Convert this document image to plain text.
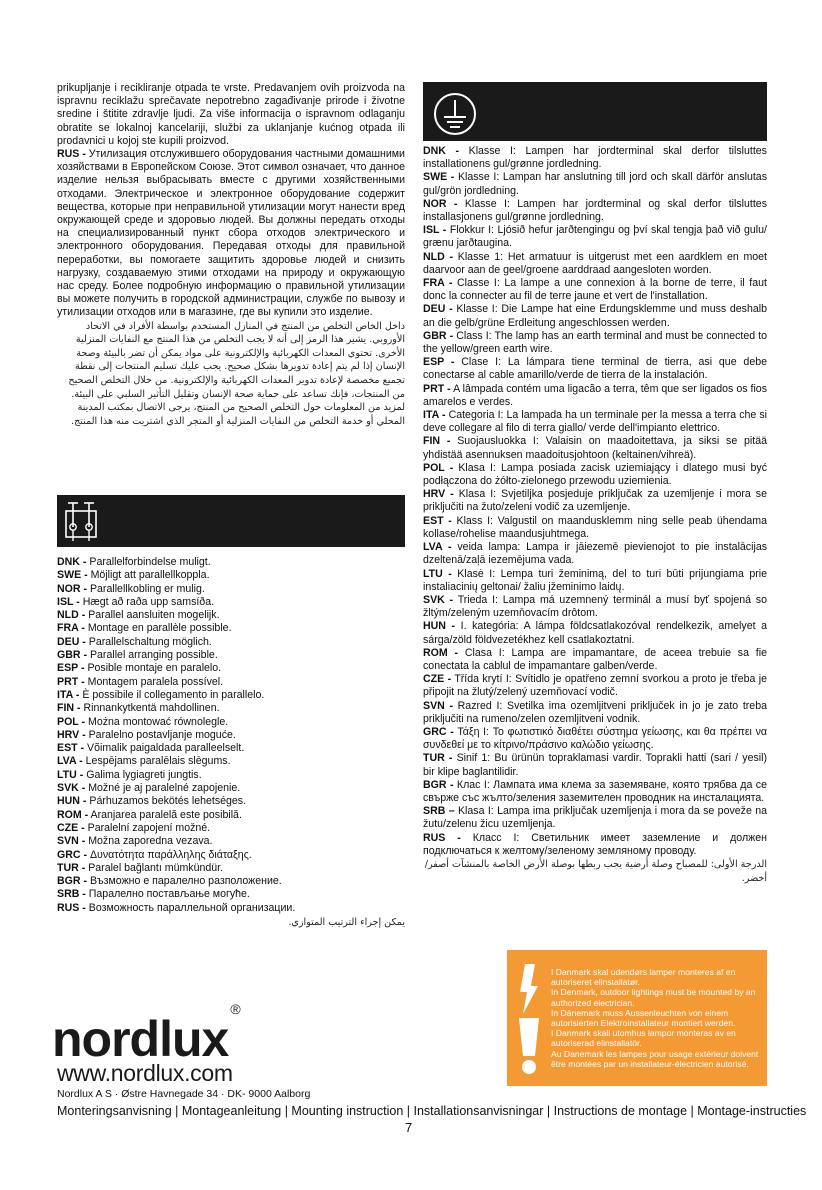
prikupljanje i recikliranje otpada te vrste. Predavanjem ovih proizvoda na ispravnu reciklažu sprečavate nepotrebno zagađivanje prirode i životne sredine i štitite zdravlje ljudi. Za više informacija o ispravnom odlaganju obratite se lokalnoj kancelariji, službi za uklanjanje kućnog otpada ili prodavnici u kojoj ste kupili proizvod.

RUS - Утилизация отслужившего оборудования частными домашними хозяйствами в Европейском Союзе. Этот символ означает, что данное изделие нельзя выбрасывать вместе с другими хозяйственными отходами. Электрическое и электронное оборудование содержит вещества, которые при неправильной утилизации могут нанести вред окружающей среде и здоровью людей. Вы должны передать отходы на специализированный пункт сбора отходов электрического и электронного оборудования. Передавая отходы для правильной переработки, вы помогаете защитить здоровье людей и снизить нагрузку, создаваемую этими отходами на природу и окружающую нас среду. Более подробную информацию о правильной утилизации вы можете получить в городской администрации, службе по вывозу и утилизации отходов или в магазине, где вы купили это изделие.

داخل الخاص التخلص من المنتج في المنازل المستخدم بواسطة الأفراد في الاتحاد الأوروبي. يشير هذا الرمز إلى أنه لا يجب التخلص من هذا المنتج مع النفايات المنزلية الأخرى. تحتوي المعدات الكهربائية والإلكترونية على مواد يمكن أن تضر بالبيئة وصحة الإنسان إذا لم يتم إعادة تدويرها بشكل صحيح. يجب عليك تسليم المنتجات إلى نقطة تجميع مخصصة لإعادة تدوير المعدات الكهربائية والإلكترونية. من خلال التخلص الصحيح من المنتجات، فإنك تساعد على حماية صحة الإنسان وتقليل التأثير السلبي على البيئة. لمزيد من المعلومات حول التخلص الصحيح من المنتج، يرجى الاتصال بمكتب المدينة المحلي أو خدمة التخلص من النفايات المنزلية أو المتجر الذي اشتريت منه هذا المنتج.

DNK - Parallelforbindelse muligt.

SWE - Möjligt att parallellkoppla.

NOR - Parallellkobling er mulig.

ISL - Hægt að raða upp samsíða.

NLD - Parallel aansluiten mogelijk.

FRA - Montage en parallèle possible.

DEU - Parallelschaltung möglich.

GBR - Parallel arranging possible.

ESP - Posible montaje en paralelo.

PRT - Montagem paralela possível.

ITA - È possibile il collegamento in parallelo.

FIN - Rinnankytkentä mahdollinen.

POL - Można montować równolegle.

HRV - Paralelno postavljanje moguće.

EST - Võimalik paigaldada paralleelselt.

LVA - Lespējams paralēlais slēgums.

LTU - Galima lygiagreti jungtis.

SVK - Možné je aj paralelné zapojenie.

HUN - Párhuzamos bekötés lehetséges.

ROM - Aranjarea paralelă este posibilă.

CZE - Paralelní zapojení možné.

SVN - Možna zaporedna vezava.

GRC - Δυνατότητα παράλληλης διάταξης.

TUR - Paralel bağlantı mümkündür.

BGR - Възможно е паралелно разположение.

SRB - Паралелно постављање могуће.

RUS - Возможность параллельной организации.

يمكن إجراء الترتيب المتوازي.

DNK - Klasse I: Lampen har jordterminal skal derfor tilsluttes installationens gul/grønne jordledning.

SWE - Klasse I: Lampan har anslutning till jord och skall därför anslutas gul/grön jordledning.

NOR - Klasse I: Lampen har jordterminal og skal derfor tilsluttes installasjonens gul/grønne jordledning.

ISL - Flokkur I: Ljósið hefur jarðtengingu og því skal tengja það við gulu/ grænu jarðtaugina.

NLD - Klasse 1: Het armatuur is uitgerust met een aardklem en moet daarvoor aan de geel/groene aarddraad aangesloten worden.

FRA - Classe I: La lampe a une connexion à la borne de terre, il faut donc la connecter au fil de terre jaune et vert de l'installation.

DEU - Klasse I: Die Lampe hat eine Erdungsklemme und muss deshalb an die gelb/grüne Erdleitung angeschlossen werden.

GBR - Class I: The lamp has an earth terminal and must be connected to the yellow/green earth wire.

ESP - Clase I: La lámpara tiene terminal de tierra, asi que debe conectarse al cable amarillo/verde de tierra de la instalación.

PRT - A lâmpada contém uma ligacão a terra, têm que ser ligados os fios amarelos e verdes.

ITA - Categoria I: La lampada ha un terminale per la messa a terra che si deve collegare al filo di terra giallo/ verde dell'impianto elettrico.

FIN - Suojausluokka I: Valaisin on maadoitettava, ja siksi se pitää yhdistää asennuksen maadoitusjohtoon (keltainen/vihreä).

POL - Klasa I: Lampa posiada zacisk uziemiający i dlatego musi być podłączona do żółto-zielonego przewodu uziemienia.

HRV - Klasa I: Svjetiljka posjeduje priključak za uzemljenje i mora se priključiti na žuto/zeleni vodič za uzemljenje.

EST - Klass I: Valgustil on maandusklemm ning selle peab ühendama kollase/rohelise maandusjuhtmega.

LVA - veida lampa: Lampa ir jāiezemē pievienojot to pie instalācijas dzeltenā/zaļā iezemējuma vada.

LTU - Klasė I: Lempa turi žeminimą, del to turi būti prijungiama prie instaliacinių geltonai/ žaliu įžeminimo laidų.

SVK - Trieda I: Lampa má uzemnený terminál a musí byť spojená so žltým/zeleným uzemňovacím drôtom.

HUN - I. kategória: A lámpa földcsatlakozóval rendelkezik, amelyet a sárga/zöld földvezetékhez kell csatlakoztatni.

ROM - Clasa I: Lampa are impamantare, de aceea trebuie sa fie conectata la cablul de impamantare galben/verde.

CZE - Třída krytí I: Svítidlo je opatřeno zemní svorkou a proto je třeba je připojit na žlutý/zelený uzemňovací vodič.

SVN - Razred I: Svetilka ima ozemljitveni priključek in jo je zato treba priključiti na rumeno/zelen ozemljitveni vodnik.

GRC - Τάξη I: Το φωτιστικό διαθέτει σύστημα γείωσης, και θα πρέπει να συνδεθεί με το κίτρινο/πράσινο καλώδιο γείωσης.

TUR - Sinif 1: Bu ürünün topraklamasi vardir. Toprakli hatti (sari / yesil) bir klipe baglantilidir.

BGR - Клас I: Лампата има клема за заземяване, която трябва да се свърже със жълто/зеления заземителен проводник на инсталацията.

SRB – Klasa I: Lampa ima priključak uzemljenja i mora da se poveže na žutu/zelenu žicu uzemljenja.

RUS - Класс I: Светильник имеет заземление и должен подключаться к желтому/зеленому земляному проводу.

الدرجة الأولى: للمصباح وصلة أرضية يجب ربطها بوصلة الأرض الخاصة بالمنشآت أصفر/ أخضر.

I Danmark skal udendørs lamper monteres af en autoriseret elinstallatør.

In Denmark, outdoor lightings must be mounted by an authorized electrician.

In Dänemark muss Aussenleuchten von einem autorisierten Elektroinstallateur montiert werden.

I Danmark skall utomhus lampor monteras av en autoriserad elinstallatör.

Au Danemark les lampes pour usage extérieur doivent être montées par un installateur-électricien autorisé.

nordlux®
www.nordlux.com
Nordlux A S · Østre Havnegade 34 · DK- 9000 Aalborg
Monteringsanvisning | Montageanleitung | Mounting instruction | Installationsanvisningar | Instructions de montage | Montage-instructies
7
